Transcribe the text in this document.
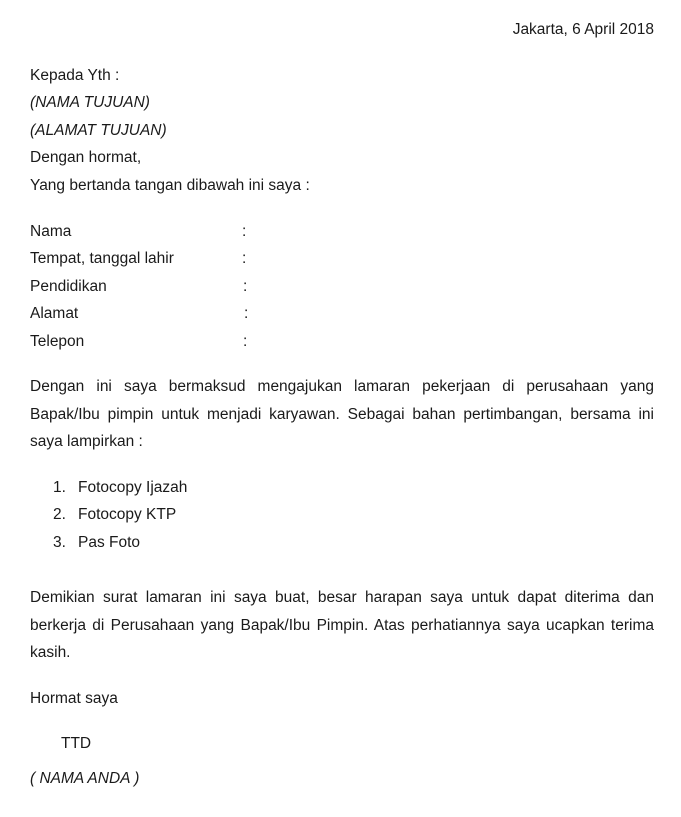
Jakarta, 6 April 2018
Kepada Yth :
(NAMA TUJUAN)
(ALAMAT TUJUAN)
Dengan hormat,
Yang bertanda tangan dibawah ini saya :
Nama	:
Tempat, tanggal lahir	:
Pendidikan	:
Alamat	:
Telepon	:
Dengan ini saya bermaksud mengajukan lamaran pekerjaan di perusahaan yang Bapak/Ibu pimpin untuk menjadi karyawan. Sebagai bahan pertimbangan, bersama ini saya lampirkan :
1. Fotocopy Ijazah
2. Fotocopy KTP
3. Pas Foto
Demikian surat lamaran ini saya buat, besar harapan saya untuk dapat diterima dan berkerja di Perusahaan yang Bapak/Ibu Pimpin. Atas perhatiannya saya ucapkan terima kasih.
Hormat saya
TTD
( NAMA ANDA )
